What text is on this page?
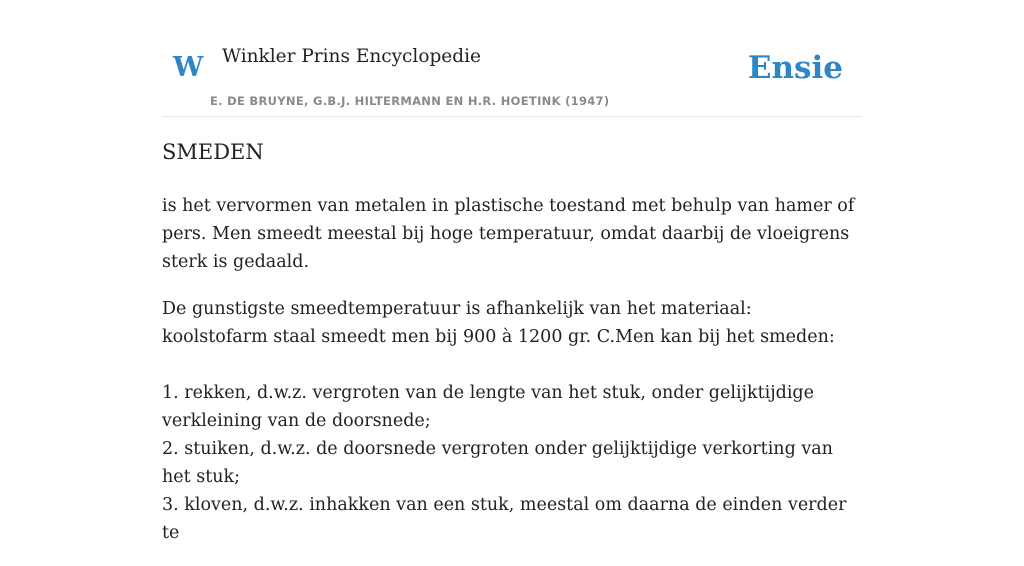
W Winkler Prins Encyclopedie
E. DE BRUYNE, G.B.J. HILTERMANN EN H.R. HOETINK (1947)
Ensie
SMEDEN

is het vervormen van metalen in plastische toestand met behulp van hamer of pers. Men smeedt meestal bij hoge temperatuur, omdat daarbij de vloeigrens sterk is gedaald.

De gunstigste smeedtemperatuur is afhankelijk van het materiaal: koolstofarm staal smeedt men bij 900 à 1200 gr. C.Men kan bij het smeden:

1. rekken, d.w.z. vergroten van de lengte van het stuk, onder gelijktijdige verkleining van de doorsnede;
2. stuiken, d.w.z. de doorsnede vergroten onder gelijktijdige verkorting van het stuk;
3. kloven, d.w.z. inhakken van een stuk, meestal om daarna de einden verder te
